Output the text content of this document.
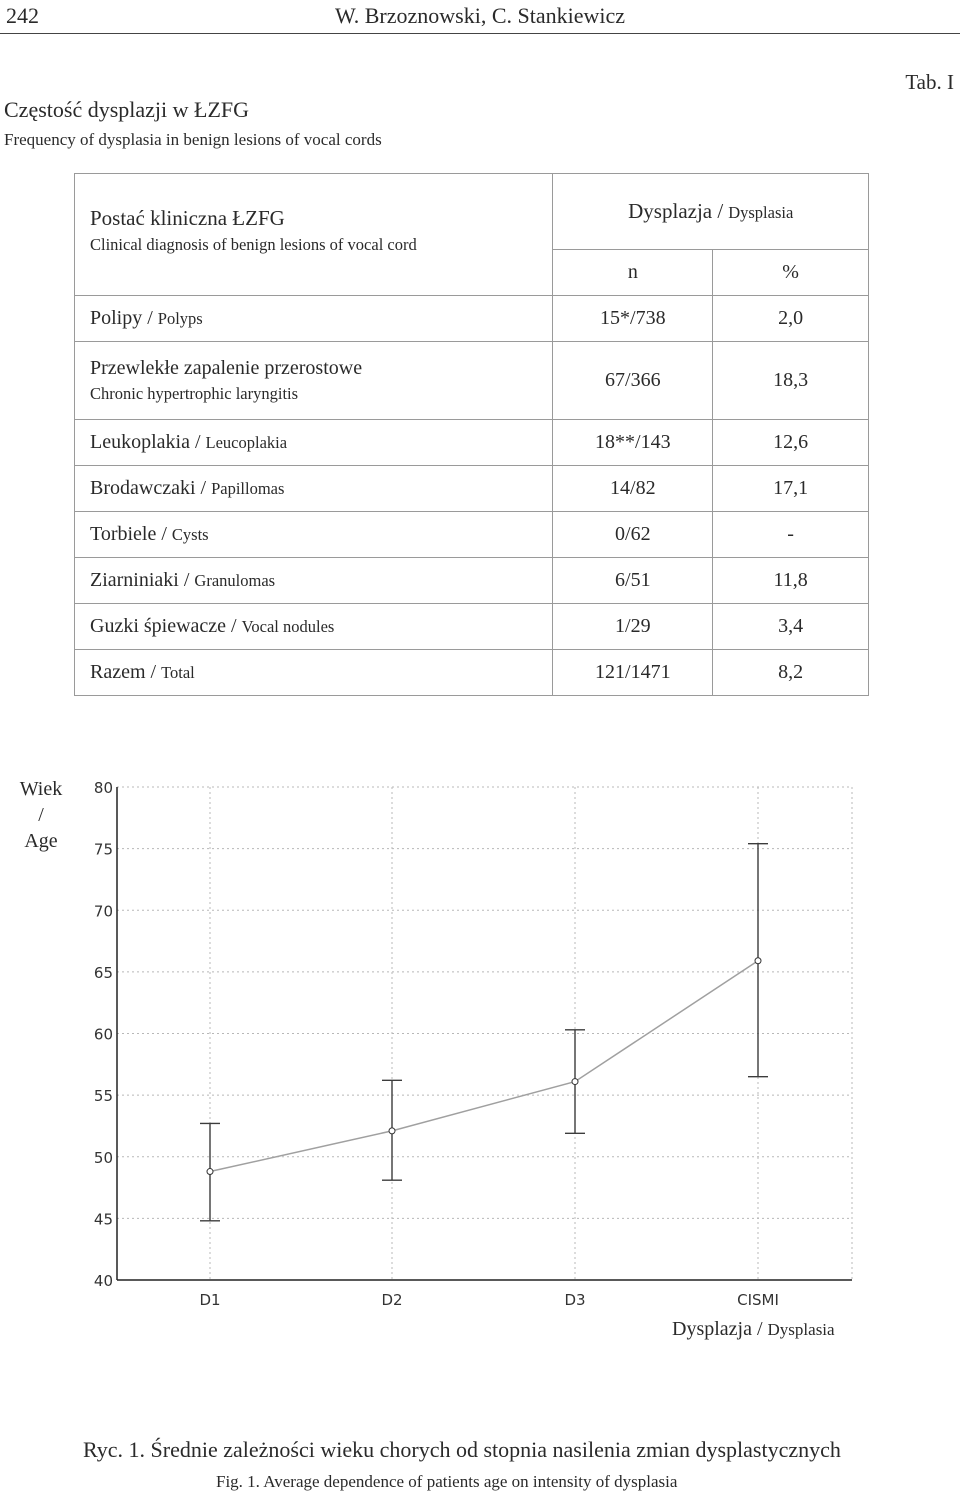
242	W. Brzoznowski, C. Stankiewicz
Tab. I
Częstość dysplazji w ŁZFG
Frequency of dysplasia in benign lesions of vocal cords
Postać kliniczna ŁZFG
Clinical diagnosis of benign lesions of vocal cord	Dysplazja / Dysplasia	
	n	%
Polipy / Polyps	15*/738	2,0

Przewlekłe zapalenie przerostowe
Chronic hypertrophic laryngitis	67/366	18,3
Leukoplakia / Leucoplakia	18**/143	12,6
Brodawczaki / Papillomas	14/82	17,1
Torbiele / Cysts	0/62	-
Ziarniniaki / Granulomas	6/51	11,8
Guzki śpiewacze / Vocal nodules	1/29	3,4
Razem / Total	121/1471	8,2
Wiek
/
Age
40
45
50
55
60
65
70
75
80
D1	D2	D3	CISMI
Dysplazja / Dysplasia
Ryc. 1. Średnie zależności wieku chorych od stopnia nasilenia zmian dysplastycznych
Fig. 1. Average dependence of patients age on intensity of dysplasia
